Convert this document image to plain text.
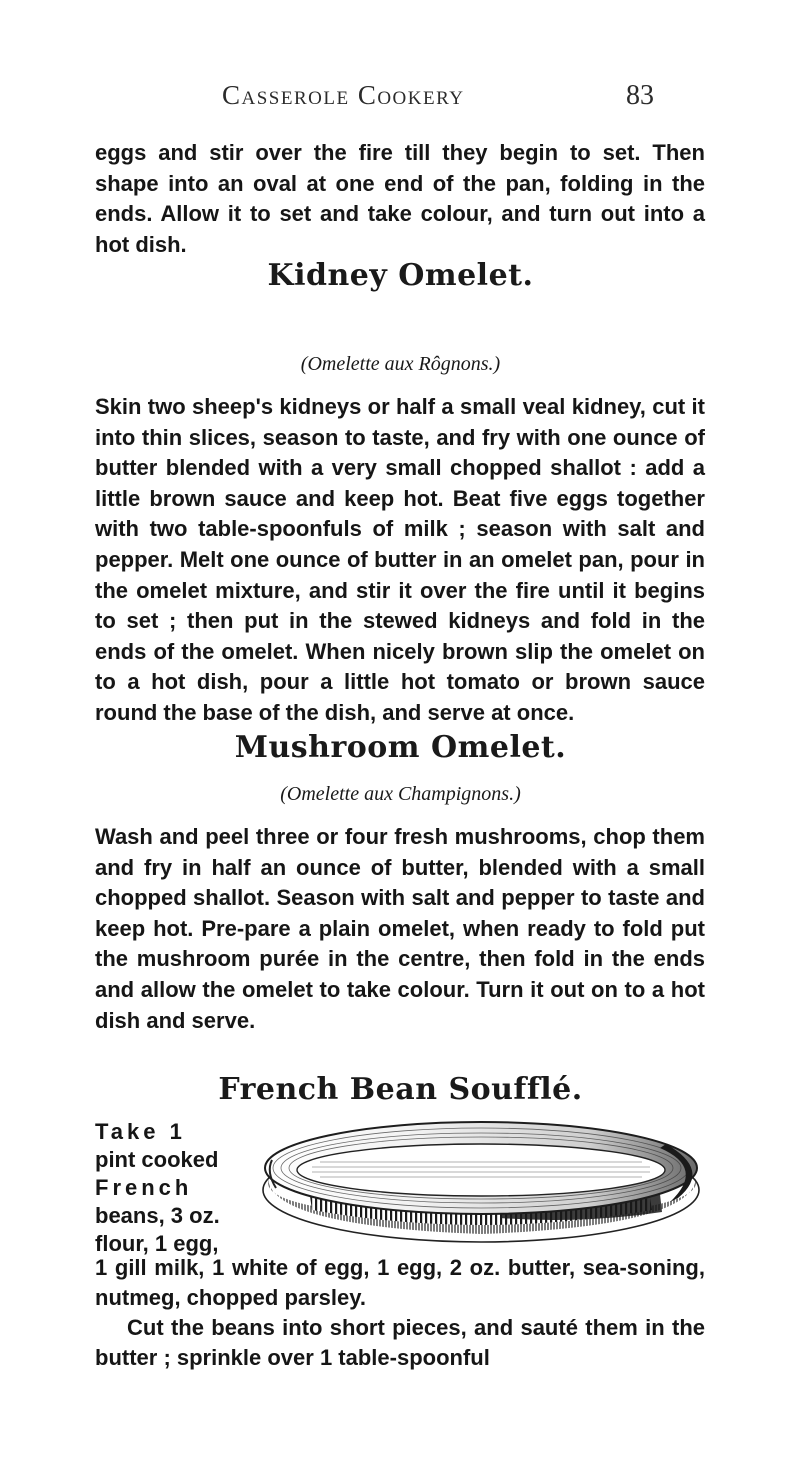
Casserole Cookery	83
eggs and stir over the fire till they begin to set. Then shape into an oval at one end of the pan, folding in the ends. Allow it to set and take colour, and turn out into a hot dish.
Kidney Omelet.
(Omelette aux Rôgnons.)
Skin two sheep's kidneys or half a small veal kidney, cut it into thin slices, season to taste, and fry with one ounce of butter blended with a very small chopped shallot : add a little brown sauce and keep hot. Beat five eggs together with two table-spoonfuls of milk ; season with salt and pepper. Melt one ounce of butter in an omelet pan, pour in the omelet mixture, and stir it over the fire until it begins to set ; then put in the stewed kidneys and fold in the ends of the omelet. When nicely brown slip the omelet on to a hot dish, pour a little hot tomato or brown sauce round the base of the dish, and serve at once.
Mushroom Omelet.
(Omelette aux Champignons.)
Wash and peel three or four fresh mushrooms, chop them and fry in half an ounce of butter, blended with a small chopped shallot. Season with salt and pepper to taste and keep hot. Pre-pare a plain omelet, when ready to fold put the mushroom purée in the centre, then fold in the ends and allow the omelet to take colour. Turn it out on to a hot dish and serve.
French Bean Soufflé.
Take 1
pint cooked
French
beans, 3 oz.
flour, 1 egg,
1 gill milk, 1 white of egg, 1 egg, 2 oz. butter, sea-soning, nutmeg, chopped parsley.
Cut the beans into short pieces, and sauté them in the butter ; sprinkle over 1 table-spoonful
